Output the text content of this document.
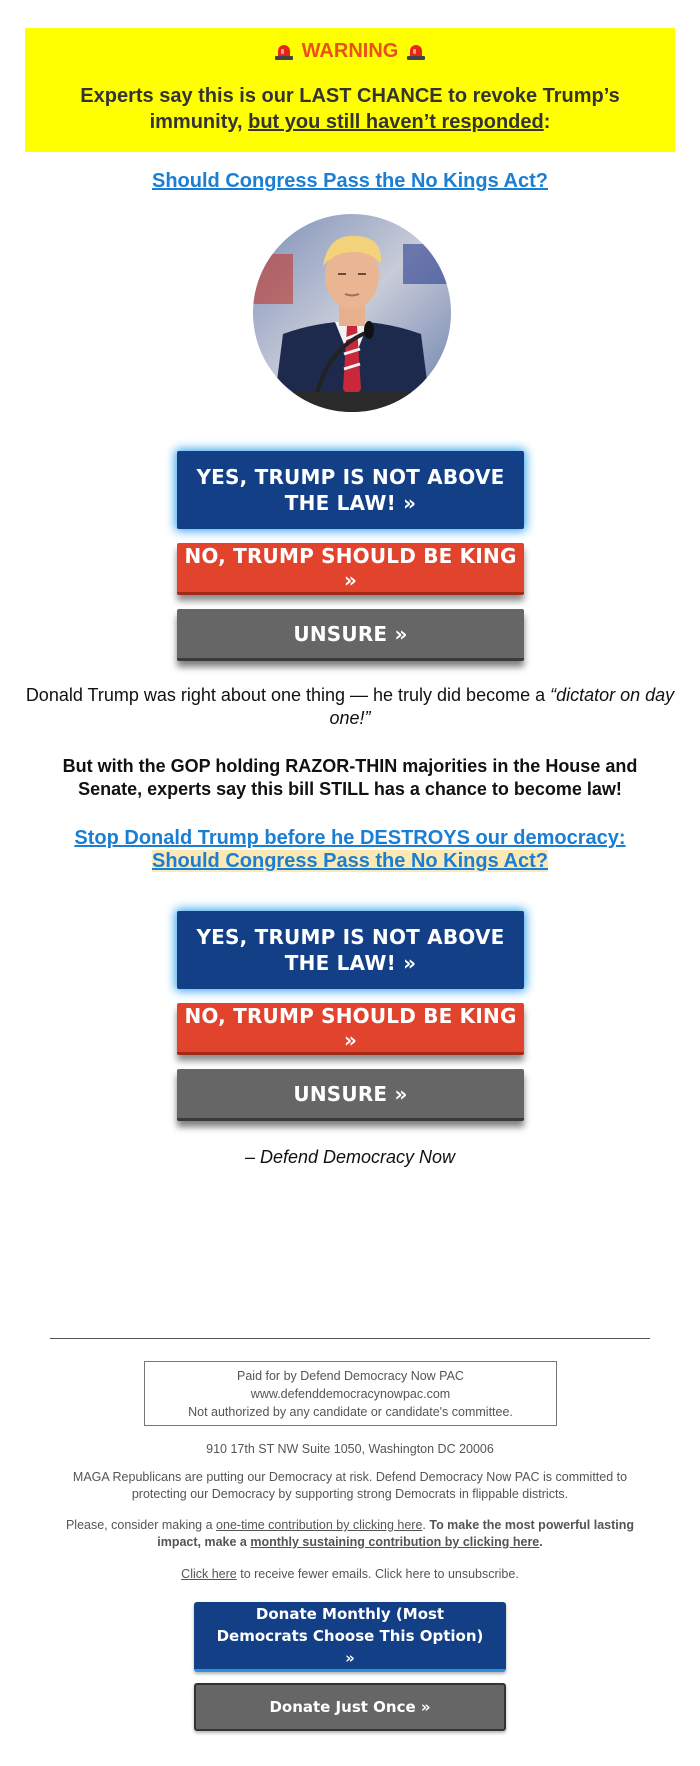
WARNING
Experts say this is our LAST CHANCE to revoke Trump’s immunity, but you still haven’t responded:
Should Congress Pass the No Kings Act?
YES, TRUMP IS NOT ABOVE THE LAW! »
NO, TRUMP SHOULD BE KING »
UNSURE »
Donald Trump was right about one thing — he truly did become a “dictator on day one!”
But with the GOP holding RAZOR-THIN majorities in the House and Senate, experts say this bill STILL has a chance to become law!
Stop Donald Trump before he DESTROYS our democracy:
Should Congress Pass the No Kings Act?
YES, TRUMP IS NOT ABOVE THE LAW! »
NO, TRUMP SHOULD BE KING »
UNSURE »
– Defend Democracy Now
Paid for by Defend Democracy Now PAC
www.defenddemocracynowpac.com
Not authorized by any candidate or candidate's committee.
910 17th ST NW Suite 1050, Washington DC 20006
MAGA Republicans are putting our Democracy at risk. Defend Democracy Now PAC is committed to protecting our Democracy by supporting strong Democrats in flippable districts.
Please, consider making a one-time contribution by clicking here. To make the most powerful lasting impact, make a monthly sustaining contribution by clicking here.
Click here to receive fewer emails. Click here to unsubscribe.
Donate Monthly (Most Democrats Choose This Option) »
Donate Just Once »
